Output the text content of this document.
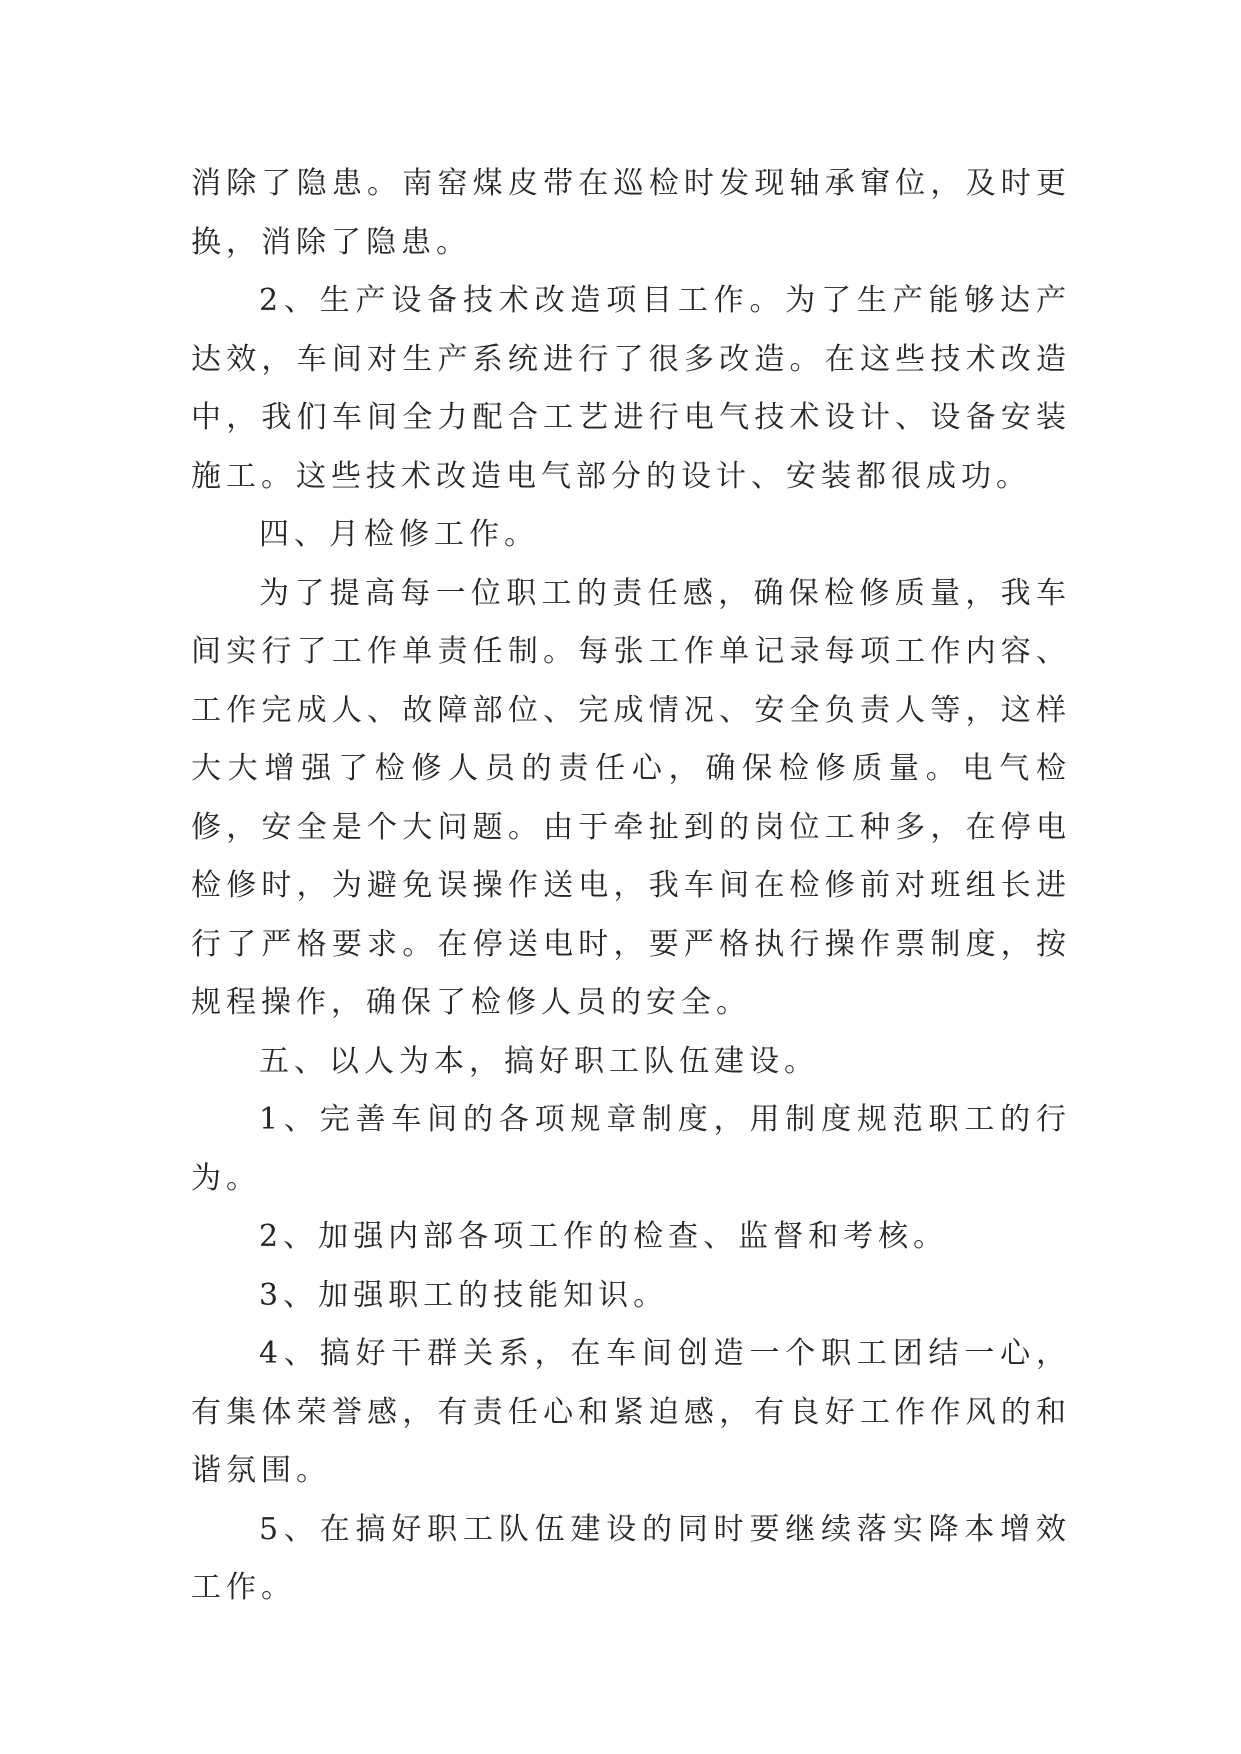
消除了隐患。南窑煤皮带在巡检时发现轴承窜位，及时更换，消除了隐患。

2、生产设备技术改造项目工作。为了生产能够达产达效，车间对生产系统进行了很多改造。在这些技术改造中，我们车间全力配合工艺进行电气技术设计、设备安装施工。这些技术改造电气部分的设计、安装都很成功。

四、月检修工作。

为了提高每一位职工的责任感，确保检修质量，我车间实行了工作单责任制。每张工作单记录每项工作内容、工作完成人、故障部位、完成情况、安全负责人等，这样大大增强了检修人员的责任心，确保检修质量。电气检修，安全是个大问题。由于牵扯到的岗位工种多，在停电检修时，为避免误操作送电，我车间在检修前对班组长进行了严格要求。在停送电时，要严格执行操作票制度，按规程操作，确保了检修人员的安全。

五、以人为本，搞好职工队伍建设。

1、完善车间的各项规章制度，用制度规范职工的行为。

2、加强内部各项工作的检查、监督和考核。

3、加强职工的技能知识。

4、搞好干群关系，在车间创造一个职工团结一心，有集体荣誉感，有责任心和紧迫感，有良好工作作风的和谐氛围。

5、在搞好职工队伍建设的同时要继续落实降本增效工作。
